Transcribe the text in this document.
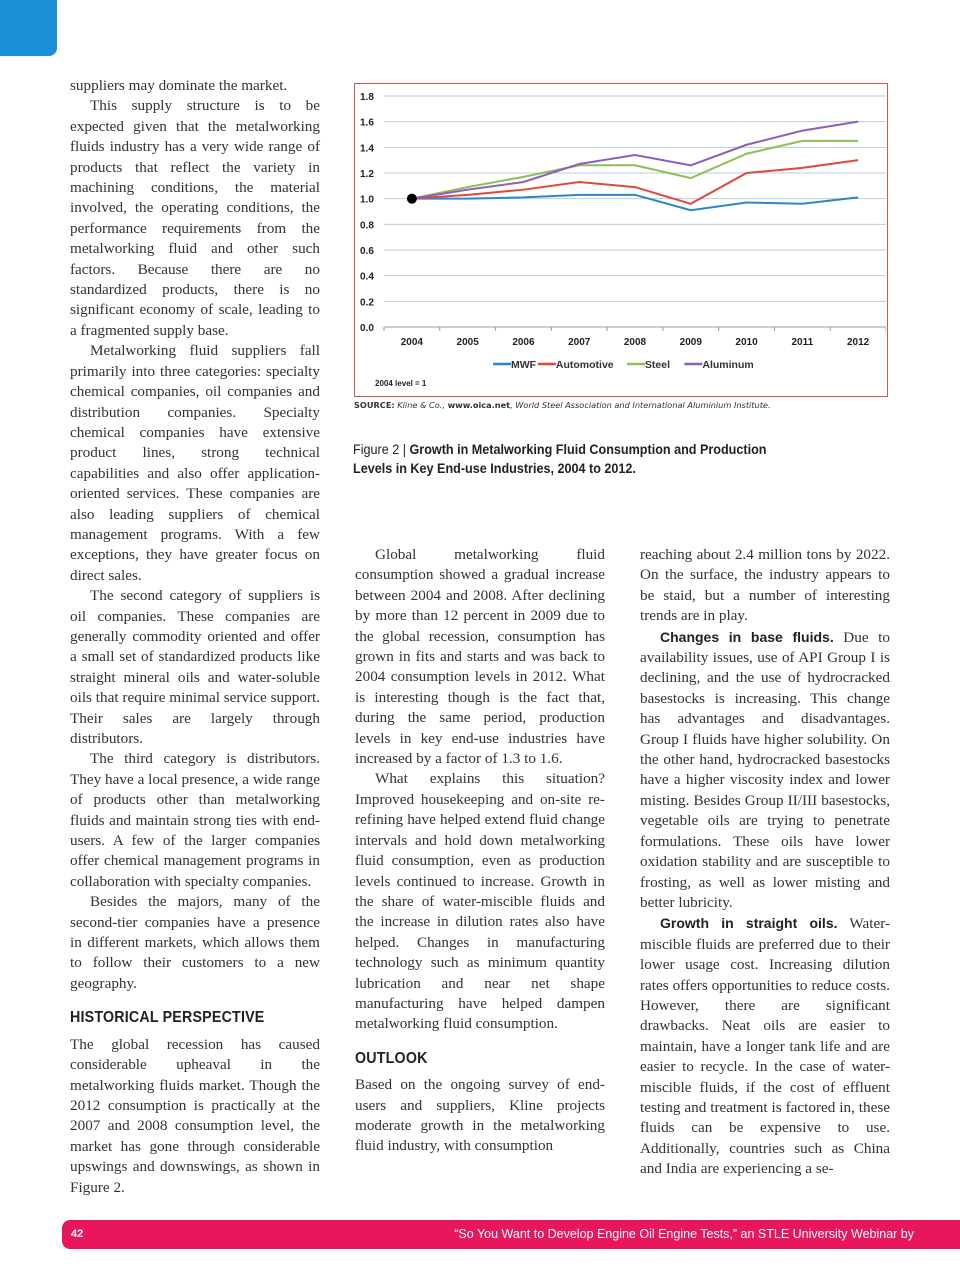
suppliers may dominate the market.

This supply structure is to be expected given that the metalworking fluids industry has a very wide range of products that reflect the variety in machining conditions, the material involved, the operating conditions, the performance requirements from the metalworking fluid and other such factors. Because there are no standardized products, there is no significant economy of scale, leading to a fragmented supply base.

Metalworking fluid suppliers fall primarily into three categories: specialty chemical companies, oil companies and distribution companies. Specialty chemical companies have extensive product lines, strong technical capabilities and also offer application-oriented services. These companies are also leading suppliers of chemical management programs. With a few exceptions, they have greater focus on direct sales.

The second category of suppliers is oil companies. These companies are generally commodity oriented and offer a small set of standardized products like straight mineral oils and water-soluble oils that require minimal service support. Their sales are largely through distributors.

The third category is distributors. They have a local presence, a wide range of products other than metalworking fluids and maintain strong ties with end-users. A few of the larger companies offer chemical management programs in collaboration with specialty companies.

Besides the majors, many of the second-tier companies have a presence in different markets, which allows them to follow their customers to a new geography.

HISTORICAL PERSPECTIVE

The global recession has caused considerable upheaval in the metalworking fluids market. Though the 2012 consumption is practically at the 2007 and 2008 consumption level, the market has gone through considerable upswings and downswings, as shown in Figure 2.

Global metalworking fluid consumption showed a gradual increase between 2004 and 2008. After declining by more than 12 percent in 2009 due to the global recession, consumption has grown in fits and starts and was back to 2004 consumption levels in 2012. What is interesting though is the fact that, during the same period, production levels in key end-use industries have increased by a factor of 1.3 to 1.6.

What explains this situation? Improved housekeeping and on-site re-refining have helped extend fluid change intervals and hold down metalworking fluid consumption, even as production levels continued to increase. Growth in the share of water-miscible fluids and the increase in dilution rates also have helped. Changes in manufacturing technology such as minimum quantity lubrication and near net shape manufacturing have helped dampen metalworking fluid consumption.

OUTLOOK

Based on the ongoing survey of end-users and suppliers, Kline projects moderate growth in the metalworking fluid industry, with consumption

reaching about 2.4 million tons by 2022. On the surface, the industry appears to be staid, but a number of interesting trends are in play.

Changes in base fluids. Due to availability issues, use of API Group I is declining, and the use of hydrocracked basestocks is increasing. This change has advantages and disadvantages. Group I fluids have higher solubility. On the other hand, hydrocracked basestocks have a higher viscosity index and lower misting. Besides Group II/III basestocks, vegetable oils are trying to penetrate formulations. These oils have lower oxidation stability and are susceptible to frosting, as well as lower misting and better lubricity.

Growth in straight oils. Water-miscible fluids are preferred due to their lower usage cost. Increasing dilution rates offers opportunities to reduce costs. However, there are significant drawbacks. Neat oils are easier to maintain, have a longer tank life and are easier to recycle. In the case of water-miscible fluids, if the cost of effluent testing and treatment is factored in, these fluids can be expensive to use. Additionally, countries such as China and India are experiencing a se-

0.0
0.2
0.4
0.6
0.8
1.0
1.2
1.4
1.6
1.8
2004	2005	2006	2007	2008	2009	2010	2011	2012
MWF Automotive	Steel	Aluminum
2004 level = 1
SOURCE: Kline & Co., www.oica.net, World Steel Association and International Aluminium Institute.
Figure 2 | Growth in Metalworking Fluid Consumption and Production Levels in Key End-use Industries, 2004 to 2012.
42	“So You Want to Develop Engine Oil Engine Tests,” an STLE University Webinar by
